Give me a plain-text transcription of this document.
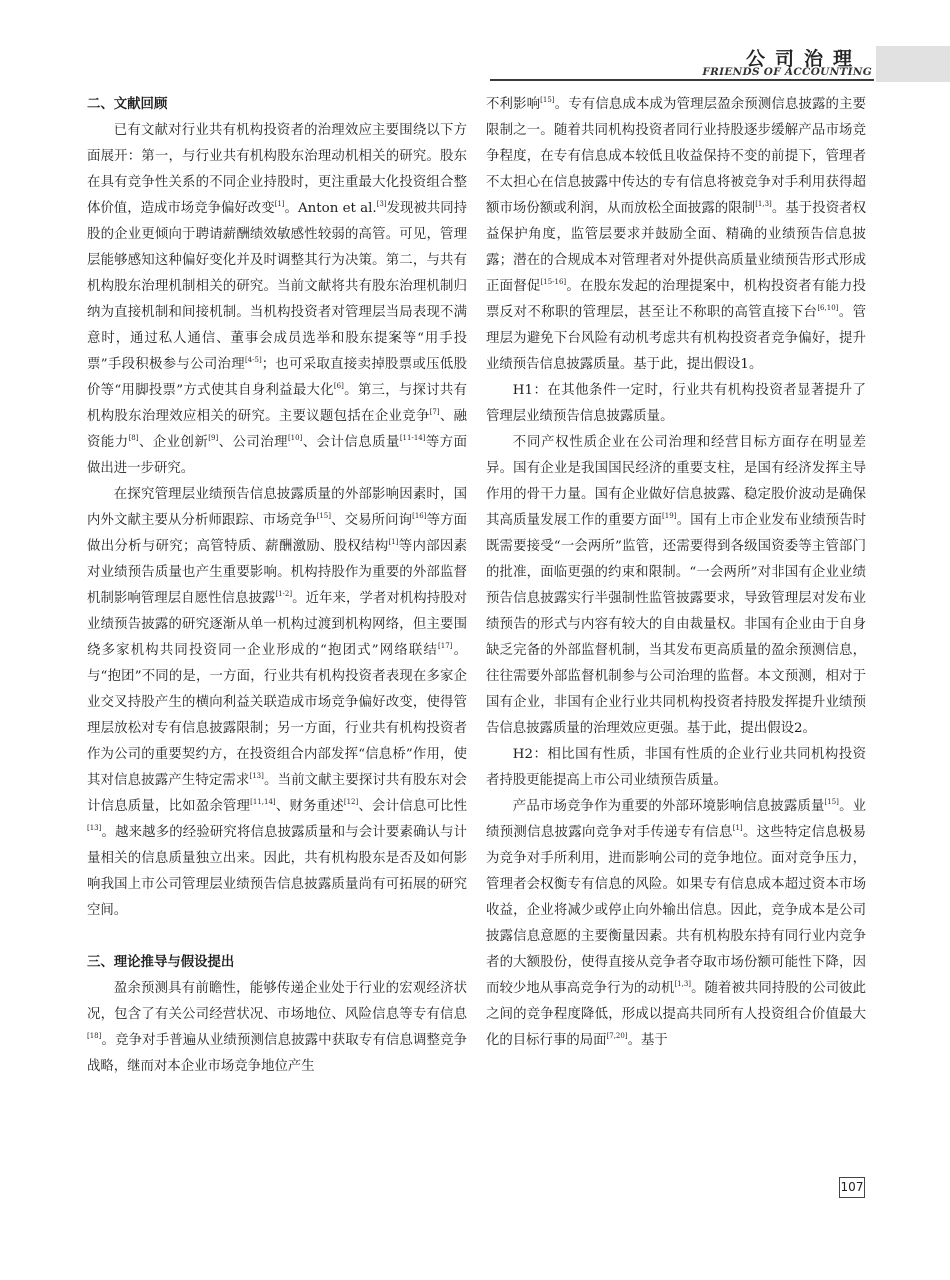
公司治理
FRIENDS OF ACCOUNTING
二、文献回顾

已有文献对行业共有机构投资者的治理效应主要围绕以下方面展开：第一，与行业共有机构股东治理动机相关的研究。股东在具有竞争性关系的不同企业持股时，更注重最大化投资组合整体价值，造成市场竞争偏好改变[1]。Anton et al.[3]发现被共同持股的企业更倾向于聘请薪酬绩效敏感性较弱的高管。可见，管理层能够感知这种偏好变化并及时调整其行为决策。第二，与共有机构股东治理机制相关的研究。当前文献将共有股东治理机制归纳为直接机制和间接机制。当机构投资者对管理层当局表现不满意时，通过私人通信、董事会成员选举和股东提案等“用手投票”手段积极参与公司治理[4-5]；也可采取直接卖掉股票或压低股价等“用脚投票”方式使其自身利益最大化[6]。第三，与探讨共有机构股东治理效应相关的研究。主要议题包括在企业竞争[7]、融资能力[8]、企业创新[9]、公司治理[10]、会计信息质量[11-14]等方面做出进一步研究。

在探究管理层业绩预告信息披露质量的外部影响因素时，国内外文献主要从分析师跟踪、市场竞争[15]、交易所问询[16]等方面做出分析与研究；高管特质、薪酬激励、股权结构[1]等内部因素对业绩预告质量也产生重要影响。机构持股作为重要的外部监督机制影响管理层自愿性信息披露[1-2]。近年来，学者对机构持股对业绩预告披露的研究逐渐从单一机构过渡到机构网络，但主要围绕多家机构共同投资同一企业形成的“抱团式”网络联结[17]。与“抱团”不同的是，一方面，行业共有机构投资者表现在多家企业交叉持股产生的横向利益关联造成市场竞争偏好改变，使得管理层放松对专有信息披露限制；另一方面，行业共有机构投资者作为公司的重要契约方，在投资组合内部发挥“信息桥”作用，使其对信息披露产生特定需求[13]。当前文献主要探讨共有股东对会计信息质量，比如盈余管理[11,14]、财务重述[12]、会计信息可比性[13]。越来越多的经验研究将信息披露质量和与会计要素确认与计量相关的信息质量独立出来。因此，共有机构股东是否及如何影响我国上市公司管理层业绩预告信息披露质量尚有可拓展的研究空间。

三、理论推导与假设提出

盈余预测具有前瞻性，能够传递企业处于行业的宏观经济状况，包含了有关公司经营状况、市场地位、风险信息等专有信息[18]。竞争对手普遍从业绩预测信息披露中获取专有信息调整竞争战略，继而对本企业市场竞争地位产生

不利影响[15]。专有信息成本成为管理层盈余预测信息披露的主要限制之一。随着共同机构投资者同行业持股逐步缓解产品市场竞争程度，在专有信息成本较低且收益保持不变的前提下，管理者不太担心在信息披露中传达的专有信息将被竞争对手利用获得超额市场份额或利润，从而放松全面披露的限制[1,3]。基于投资者权益保护角度，监管层要求并鼓励全面、精确的业绩预告信息披露；潜在的合规成本对管理者对外提供高质量业绩预告形式形成正面督促[15-16]。在股东发起的治理提案中，机构投资者有能力投票反对不称职的管理层，甚至让不称职的高管直接下台[6,10]。管理层为避免下台风险有动机考虑共有机构投资者竞争偏好，提升业绩预告信息披露质量。基于此，提出假设1。

H1：在其他条件一定时，行业共有机构投资者显著提升了管理层业绩预告信息披露质量。

不同产权性质企业在公司治理和经营目标方面存在明显差异。国有企业是我国国民经济的重要支柱，是国有经济发挥主导作用的骨干力量。国有企业做好信息披露、稳定股价波动是确保其高质量发展工作的重要方面[19]。国有上市企业发布业绩预告时既需要接受“一会两所”监管，还需要得到各级国资委等主管部门的批准，面临更强的约束和限制。“一会两所”对非国有企业业绩预告信息披露实行半强制性监管披露要求，导致管理层对发布业绩预告的形式与内容有较大的自由裁量权。非国有企业由于自身缺乏完备的外部监督机制，当其发布更高质量的盈余预测信息，往往需要外部监督机制参与公司治理的监督。本文预测，相对于国有企业，非国有企业行业共同机构投资者持股发挥提升业绩预告信息披露质量的治理效应更强。基于此，提出假设2。

H2：相比国有性质，非国有性质的企业行业共同机构投资者持股更能提高上市公司业绩预告质量。

产品市场竞争作为重要的外部环境影响信息披露质量[15]。业绩预测信息披露向竞争对手传递专有信息[1]。这些特定信息极易为竞争对手所利用，进而影响公司的竞争地位。面对竞争压力，管理者会权衡专有信息的风险。如果专有信息成本超过资本市场收益，企业将减少或停止向外输出信息。因此，竞争成本是公司披露信息意愿的主要衡量因素。共有机构股东持有同行业内竞争者的大额股份，使得直接从竞争者夺取市场份额可能性下降，因而较少地从事高竞争行为的动机[1,3]。随着被共同持股的公司彼此之间的竞争程度降低，形成以提高共同所有人投资组合价值最大化的目标行事的局面[7,20]。基于

107
